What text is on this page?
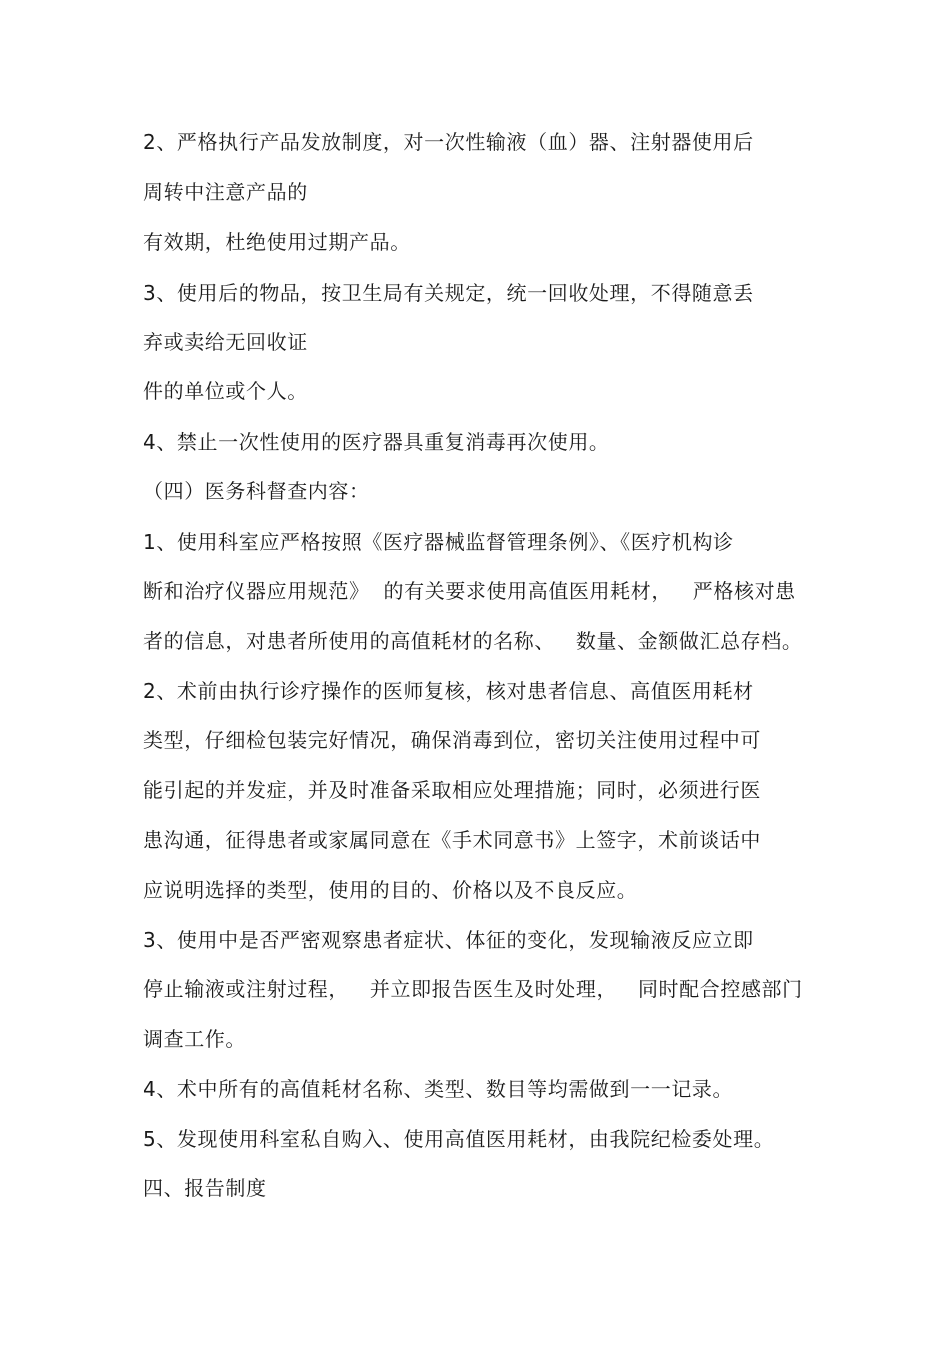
2、严格执行产品发放制度，对一次性输液（血）器、注射器使用后
周转中注意产品的
有效期，杜绝使用过期产品。
3、使用后的物品，按卫生局有关规定，统一回收处理，不得随意丢
弃或卖给无回收证
件的单位或个人。
4、禁止一次性使用的医疗器具重复消毒再次使用。
（四）医务科督查内容：
1、使用科室应严格按照《医疗器械监督管理条例》、《医疗机构诊
断和治疗仪器应用规范》  的有关要求使用高值医用耗材，   严格核对患
者的信息，对患者所使用的高值耗材的名称、   数量、金额做汇总存档。
2、术前由执行诊疗操作的医师复核，核对患者信息、高值医用耗材
类型，仔细检包装完好情况，确保消毒到位，密切关注使用过程中可
能引起的并发症，并及时准备采取相应处理措施；同时，必须进行医
患沟通，征得患者或家属同意在《手术同意书》上签字，术前谈话中
应说明选择的类型，使用的目的、价格以及不良反应。
3、使用中是否严密观察患者症状、体征的变化，发现输液反应立即
停止输液或注射过程，   并立即报告医生及时处理，   同时配合控感部门
调查工作。
4、术中所有的高值耗材名称、类型、数目等均需做到一一记录。
5、发现使用科室私自购入、使用高值医用耗材，由我院纪检委处理。
四、报告制度
